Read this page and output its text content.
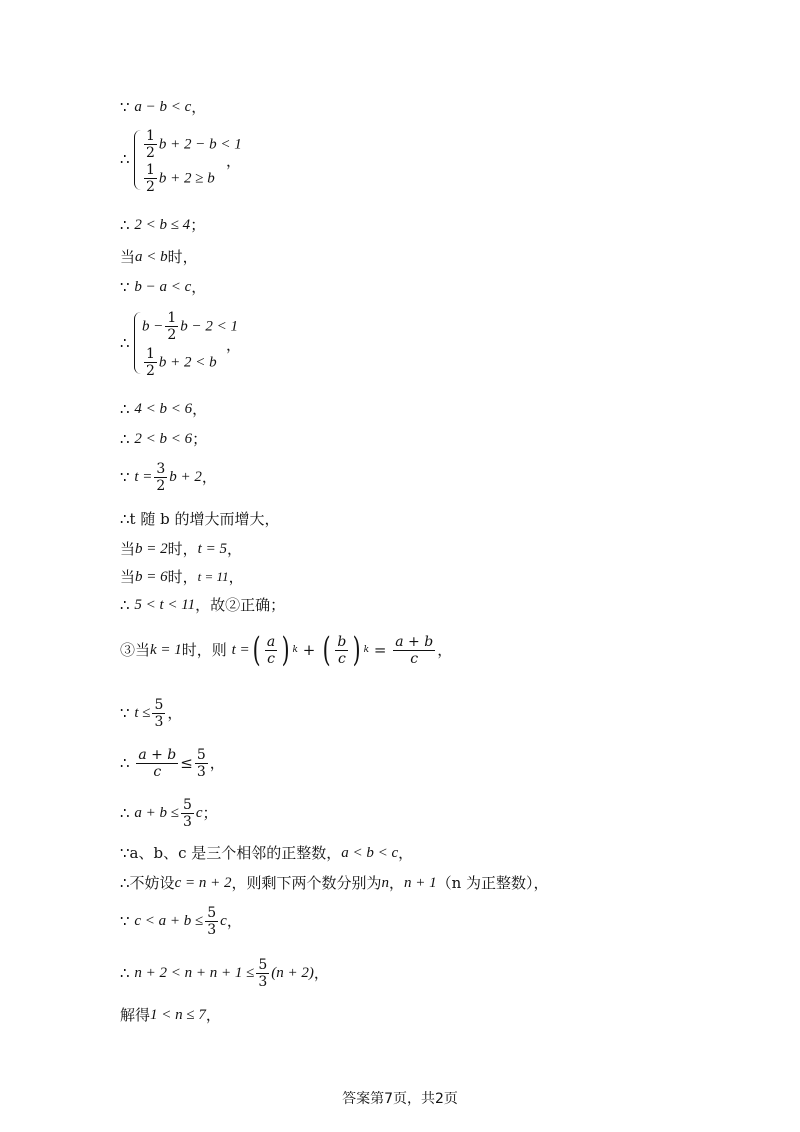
∵ a − b < c，
∴ $\frac{1}{2}$ b + 2 − b < 1
$\frac{1}{2}$ b + 2 ≥ b
，
∴ 2 < b ≤ 4；
当a < b时，
∵ b − a < c，
∴
$b - \frac{1}{2}$ b − 2 < 1
$\frac{1}{2}$ b + 2 < b
，
∴ 4 < b < 6，
∴ 2 < b < 6；
∵ $t = \frac{3}{2}$ b + 2，
∴t 随 b 的增大而增大，
当b = 2时，t = 5，
当b = 6时，t = 11，
∴ 5 < t < 11，故②正确；
③当k = 1时，则 t =( $\frac{a}{c}$ ) k + ( $\frac{b}{c}$ ) $k = \frac{a + b}{c}$ ，
∵ $t \le \frac{5}{3}$ ，
∴ $\frac{a + b}{c} \le \frac{5}{3}$ ，
∴ $a + b \le \frac{5}{3}$ c；
∵a、b、c 是三个相邻的正整数，a < b < c，
∴不妨设c = n + 2，则剩下两个数分别为n，n + 1（n 为正整数），
∵ $c < a + b \le \frac{5}{3}$ c，
∴ $n + 2 < n + n + 1 \le \frac{5}{3} (n + 2)$，
解得1 < n ≤ 7，
答案第7页，共2页
